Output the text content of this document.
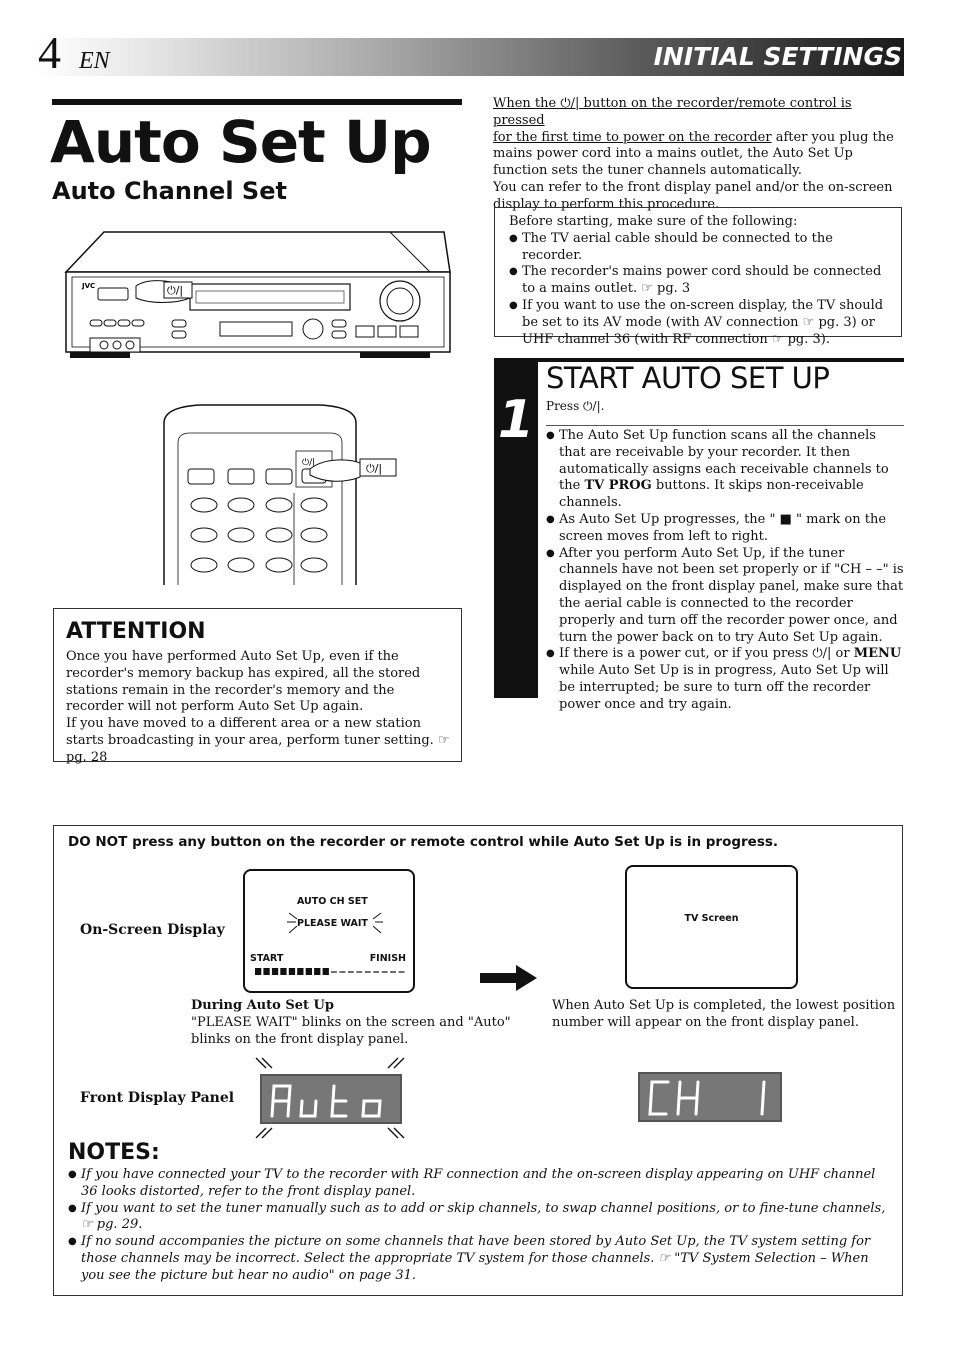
4 EN	INITIAL SETTINGS
Auto Set Up
Auto Channel Set
When the ⏻/| button on the recorder/remote control is pressed
for the first time to power on the recorder after you plug the mains power cord into a mains outlet, the Auto Set Up function sets the tuner channels automatically.
You can refer to the front display panel and/or the on-screen display to perform this procedure.
Before starting, make sure of the following:
● The TV aerial cable should be connected to the recorder.
● The recorder's mains power cord should be connected to a mains outlet. ☞ pg. 3
● If you want to use the on-screen display, the TV should be set to its AV mode (with AV connection ☞ pg. 3) or UHF channel 36 (with RF connection ☞ pg. 3).
1
START AUTO SET UP
Press ⏻/|.
● The Auto Set Up function scans all the channels that are receivable by your recorder. It then automatically assigns each receivable channels to the TV PROG buttons. It skips non-receivable channels.
● As Auto Set Up progresses, the " ■ " mark on the screen moves from left to right.
● After you perform Auto Set Up, if the tuner channels have not been set properly or if "CH – –" is displayed on the front display panel, make sure that the aerial cable is connected to the recorder properly and turn off the recorder power once, and turn the power back on to try Auto Set Up again.
● If there is a power cut, or if you press ⏻/| or MENU while Auto Set Up is in progress, Auto Set Up will be interrupted; be sure to turn off the recorder power once and try again.
JVC	⏻/|
⏻/|	⏻/|
ATTENTION
Once you have performed Auto Set Up, even if the recorder's memory backup has expired, all the stored stations remain in the recorder's memory and the recorder will not perform Auto Set Up again.
If you have moved to a different area or a new station starts broadcasting in your area, perform tuner setting. ☞ pg. 28
DO NOT press any button on the recorder or remote control while Auto Set Up is in progress.
On-Screen Display
Front Display Panel
AUTO CH SET
PLEASE WAIT
START	FINISH
TV Screen
During Auto Set Up
"PLEASE WAIT" blinks on the screen and "Auto" blinks on the front display panel.
When Auto Set Up is completed, the lowest position number will appear on the front display panel.
NOTES:
● If you have connected your TV to the recorder with RF connection and the on-screen display appearing on UHF channel 36 looks distorted, refer to the front display panel.
● If you want to set the tuner manually such as to add or skip channels, to swap channel positions, or to fine-tune channels, ☞ pg. 29.
● If no sound accompanies the picture on some channels that have been stored by Auto Set Up, the TV system setting for those channels may be incorrect. Select the appropriate TV system for those channels. ☞ "TV System Selection – When you see the picture but hear no audio" on page 31.
